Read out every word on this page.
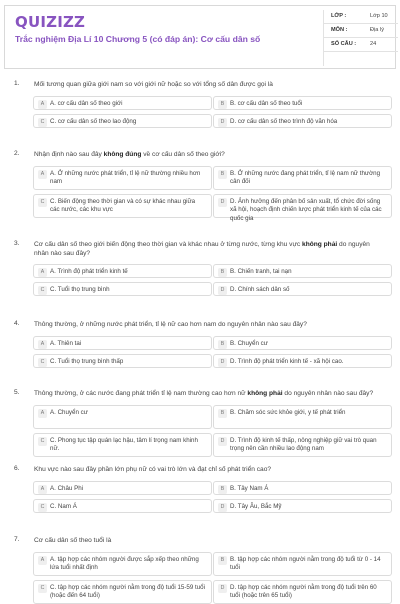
QUIZIZZ
Trắc nghiệm Địa Lí 10 Chương 5 (có đáp án): Cơ cấu dân số
LỚP :	Lớp 10
MÔN :	Địa lý
SỐ CÂU : 24
1. Mối tương quan giữa giới nam so với giới nữ hoặc so với tổng số dân được gọi là
A A. cơ cấu dân số theo giới	B B. cơ cấu dân số theo tuổi
C C. cơ cấu dân số theo lao động	D D. cơ cấu dân số theo trình độ văn hóa
2. Nhận định nào sau đây không đúng về cơ cấu dân số theo giới?
A A. Ở những nước phát triển, tỉ lệ nữ thường nhiều hơn nam
B B. Ở những nước đang phát triển, tỉ lệ nam nữ thường cân đối
C C. Biến động theo thời gian và có sự khác nhau giữa các nước, các khu vực
D D. Ảnh hưởng đến phân bố sản xuất, tổ chức đời sống xã hội, hoạch định chiến lược phát triển kinh tế của các quốc gia
3. Cơ cấu dân số theo giới biến động theo thời gian và khác nhau ở từng nước, từng khu vực không phải do nguyên nhân nào sau đây?
A A. Trình độ phát triển kinh tế	B B. Chiến tranh, tai nạn
C C. Tuổi thọ trung bình	D D. Chính sách dân số
4. Thông thường, ở những nước phát triển, tỉ lệ nữ cao hơn nam do nguyên nhân nào sau đây?
A A. Thiên tai	B B. Chuyển cư
C C. Tuổi thọ trung bình thấp	D D. Trình độ phát triển kinh tế - xã hội cao.
5. Thông thường, ở các nước đang phát triển tỉ lệ nam thường cao hơn nữ không phải do nguyên nhân nào sau đây?
A A. Chuyển cư	B B. Chăm sóc sức khỏe giới, y tế phát triển
C C. Phong tục tập quán lạc hậu, tâm lí trọng nam khinh nữ.
D D. Trình độ kinh tế thấp, nông nghiệp giữ vai trò quan trọng nên cần nhiều lao động nam
6. Khu vực nào sau đây phần lớn phụ nữ có vai trò lớn và đạt chỉ số phát triển cao?
A A. Châu Phi	B B. Tây Nam Á
C C. Nam Á	D D. Tây Âu, Bắc Mỹ
7. Cơ cấu dân số theo tuổi là
A A. tập hợp các nhóm người được sắp xếp theo những lứa tuổi nhất định
B B. tập hợp các nhóm người nằm trong độ tuổi từ 0 - 14 tuổi
C C. tập hợp các nhóm người nằm trong độ tuổi 15-59 tuổi (hoặc đến 64 tuổi)
D D. tập hợp các nhóm người nằm trong độ tuổi trên 60 tuổi (hoặc trên 65 tuổi)
